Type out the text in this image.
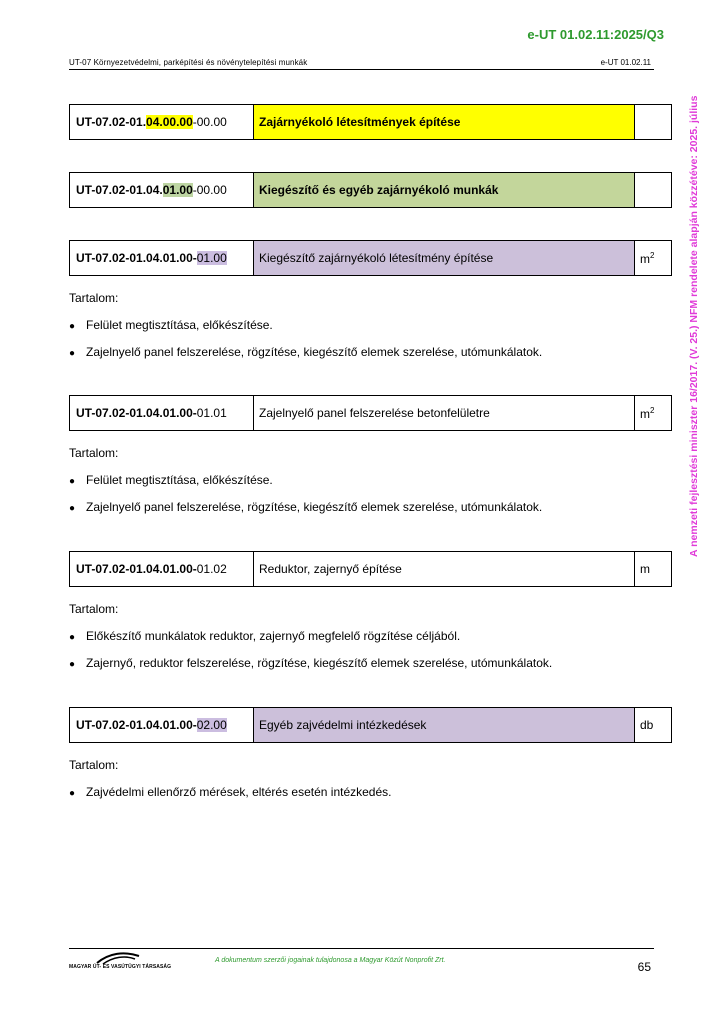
e-UT 01.02.11:2025/Q3
UT-07 Környezetvédelmi, parképítési és növénytelepítési munkák	e-UT 01.02.11
A nemzeti fejlesztési miniszter 16/2017. (V. 25.) NFM rendelete alapján közzétéve: 2025. július
UT-07.02-01.04.00.00-00.00	Zajárnyékoló létesítmények építése	
UT-07.02-01.04.01.00-00.00	Kiegészítő és egyéb zajárnyékoló munkák	
UT-07.02-01.04.01.00-01.00	Kiegészítő zajárnyékoló létesítmény építése	$m^2$
Tartalom:
● Felület megtisztítása, előkészítése.
● Zajelnyelő panel felszerelése, rögzítése, kiegészítő elemek szerelése, utómunkálatok.
UT-07.02-01.04.01.00-01.01	Zajelnyelő panel felszerelése betonfelületre	$m^2$
Tartalom:
● Felület megtisztítása, előkészítése.
● Zajelnyelő panel felszerelése, rögzítése, kiegészítő elemek szerelése, utómunkálatok.
UT-07.02-01.04.01.00-01.02	Reduktor, zajernyő építése	m
Tartalom:
● Előkészítő munkálatok reduktor, zajernyő megfelelő rögzítése céljából.
● Zajernyő, reduktor felszerelése, rögzítése, kiegészítő elemek szerelése, utómunkálatok.
UT-07.02-01.04.01.00-02.00	Egyéb zajvédelmi intézkedések	db
Tartalom:
● Zajvédelmi ellenőrző mérések, eltérés esetén intézkedés.
MAGYAR ÚT- ÉS VASÚTÜGYI TÁRSASÁG
A dokumentum szerzői jogainak tulajdonosa a Magyar Közút Nonprofit Zrt.	65
